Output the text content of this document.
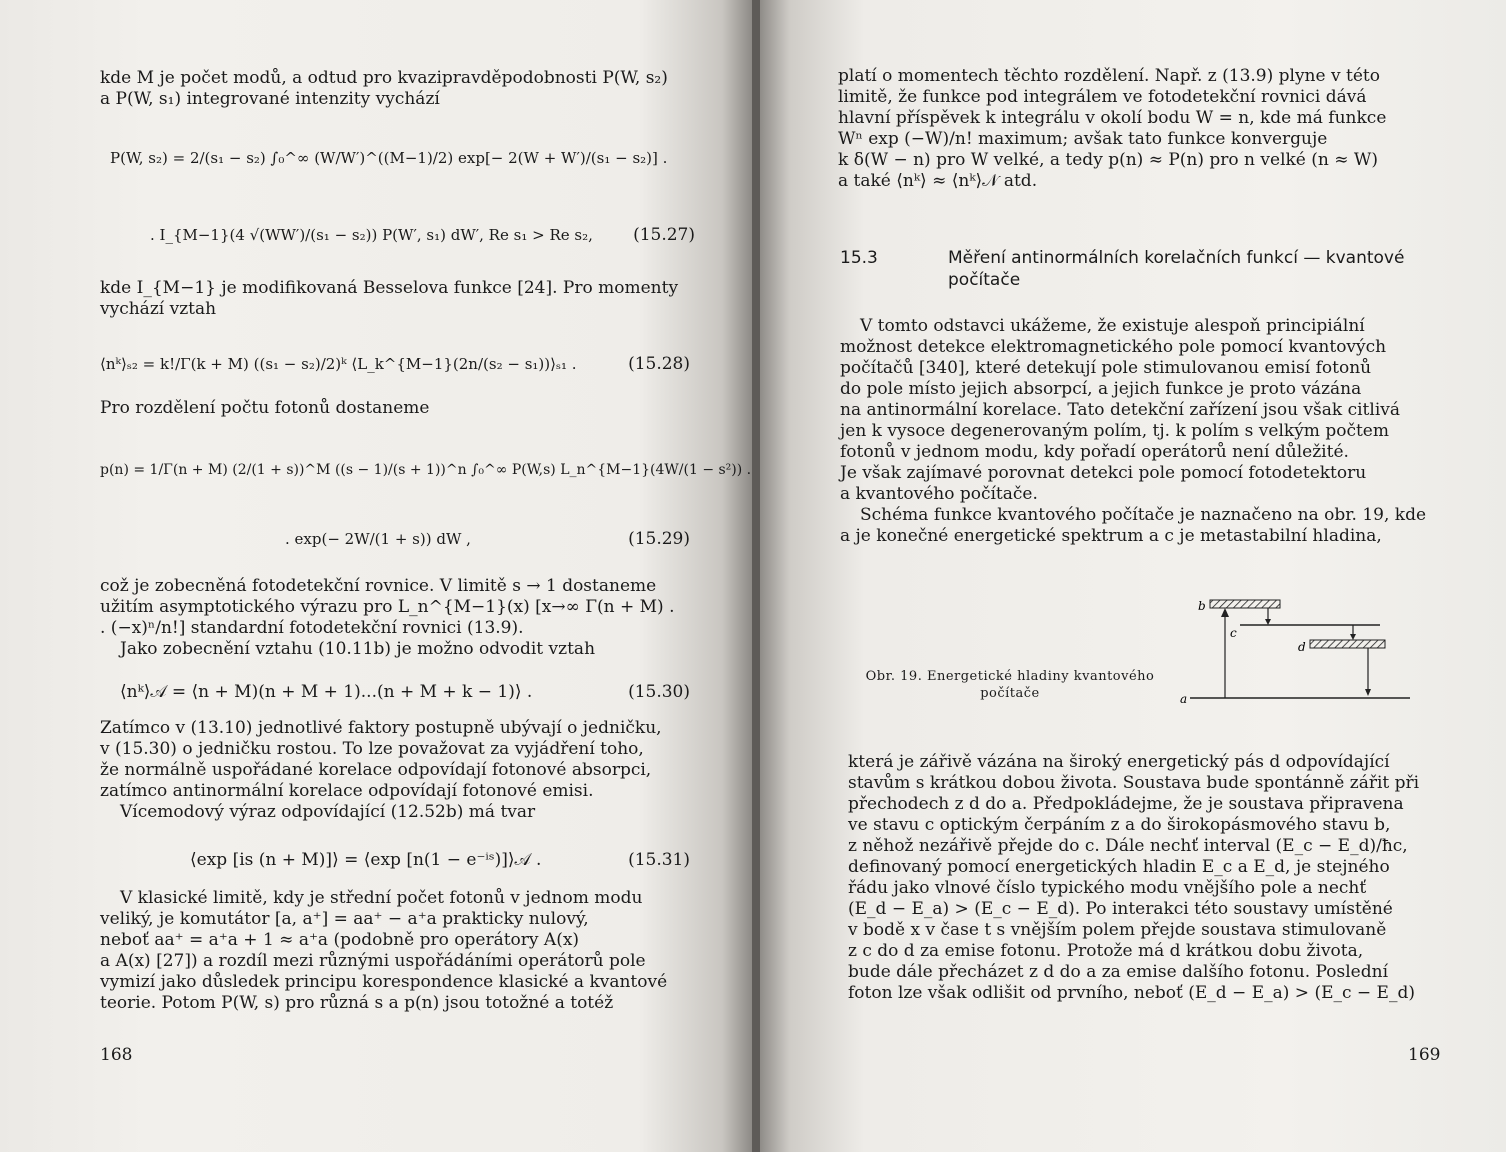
kde M je počet modů, a odtud pro kvazipravděpodobnosti P(W, s₂)
a P(W, s₁) integrované intenzity vychází
P(W, s₂) = 2/(s₁ − s₂) ∫₀^∞ (W/W′)^((M−1)/2) exp[− 2(W + W′)/(s₁ − s₂)] .
. I_{M−1}(4 √(WW′)/(s₁ − s₂)) P(W′, s₁) dW′, Re s₁ > Re s₂, (15.27)
kde I_{M−1} je modifikovaná Besselova funkce [24]. Pro momenty
vychází vztah
⟨nᵏ⟩ₛ₂ = k!/Γ(k + M) ((s₁ − s₂)/2)ᵏ ⟨L_k^{M−1}(2n/(s₂ − s₁))⟩ₛ₁ .	(15.28)
Pro rozdělení počtu fotonů dostaneme
p(n) = 1/Γ(n + M) (2/(1 + s))^M ((s − 1)/(s + 1))^n ∫₀^∞ P(W,s) L_n^{M−1}(4W/(1 − s²)) .
. exp(− 2W/(1 + s)) dW ,	(15.29)
což je zobecněná fotodetekční rovnice. V limitě s → 1 dostaneme
užitím asymptotického výrazu pro L_n^{M−1}(x) [x→∞ Γ(n + M) .
. (−x)ⁿ/n!] standardní fotodetekční rovnici (13.9).
Jako zobecnění vztahu (10.11b) je možno odvodit vztah
⟨nᵏ⟩𝒜 = ⟨n + M)(n + M + 1)...(n + M + k − 1)⟩ .	(15.30)
Zatímco v (13.10) jednotlivé faktory postupně ubývají o jedničku,
v (15.30) o jedničku rostou. To lze považovat za vyjádření toho,
že normálně uspořádané korelace odpovídají fotonové absorpci,
zatímco antinormální korelace odpovídají fotonové emisi.
Vícemodový výraz odpovídající (12.52b) má tvar
⟨exp [is (n + M)]⟩ = ⟨exp [n(1 − e⁻ⁱˢ)]⟩𝒜 .	(15.31)
V klasické limitě, kdy je střední počet fotonů v jednom modu
veliký, je komutátor [a, a⁺] = aa⁺ − a⁺a prakticky nulový,
neboť aa⁺ = a⁺a + 1 ≈ a⁺a (podobně pro operátory A(x)
a A(x) [27]) a rozdíl mezi různými uspořádáními operátorů pole
vymizí jako důsledek principu korespondence klasické a kvantové
teorie. Potom P(W, s) pro různá s a p(n) jsou totožné a totéž
168
platí o momentech těchto rozdělení. Např. z (13.9) plyne v této
limitě, že funkce pod integrálem ve fotodetekční rovnici dává
hlavní příspěvek k integrálu v okolí bodu W = n, kde má funkce
Wⁿ exp (−W)/n! maximum; avšak tato funkce konverguje
k δ(W − n) pro W velké, a tedy p(n) ≈ P(n) pro n velké (n ≈ W)
a také ⟨nᵏ⟩ ≈ ⟨nᵏ⟩𝒩 atd.
15.3	Měření antinormálních korelačních funkcí — kvantové
počítače
V tomto odstavci ukážeme, že existuje alespoň principiální
možnost detekce elektromagnetického pole pomocí kvantových
počítačů [340], které detekují pole stimulovanou emisí fotonů
do pole místo jejich absorpcí, a jejich funkce je proto vázána
na antinormální korelace. Tato detekční zařízení jsou však citlivá
jen k vysoce degenerovaným polím, tj. k polím s velkým počtem
fotonů v jednom modu, kdy pořadí operátorů není důležité.
Je však zajímavé porovnat detekci pole pomocí fotodetektoru
a kvantového počítače.
Schéma funkce kvantového počítače je naznačeno na obr. 19, kde
a je konečné energetické spektrum a c je metastabilní hladina,
Obr. 19. Energetické hladiny kvantového
počítače
b
c
d
a
která je zářivě vázána na široký energetický pás d odpovídající
stavům s krátkou dobou života. Soustava bude spontánně zářit při
přechodech z d do a. Předpokládejme, že je soustava připravena
ve stavu c optickým čerpáním z a do širokopásmového stavu b,
z něhož nezářivě přejde do c. Dále nechť interval (E_c − E_d)/ħc,
definovaný pomocí energetických hladin E_c a E_d, je stejného
řádu jako vlnové číslo typického modu vnějšího pole a nechť
(E_d − E_a) > (E_c − E_d). Po interakci této soustavy umístěné
v bodě x v čase t s vnějším polem přejde soustava stimulovaně
z c do d za emise fotonu. Protože má d krátkou dobu života,
bude dále přecházet z d do a za emise dalšího fotonu. Poslední
foton lze však odlišit od prvního, neboť (E_d − E_a) > (E_c − E_d)
169
